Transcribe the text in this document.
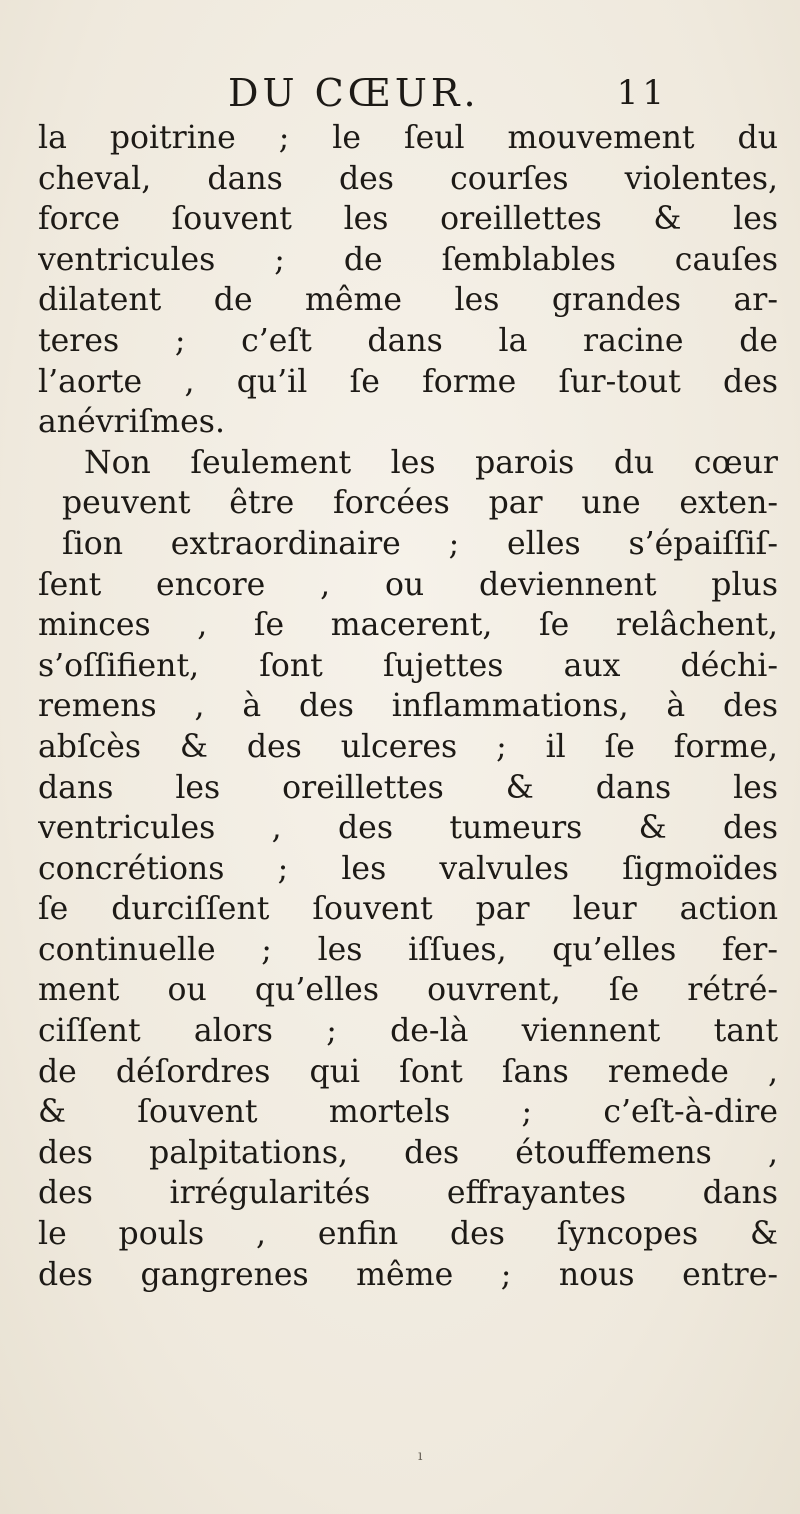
DU CŒUR.	11
la poitrine ; le ſeul mouvement du
cheval, dans des courſes violentes,
force ſouvent les oreillettes & les
ventricules ; de ſemblables cauſes
dilatent de même les grandes ar-
teres ; c’eſt dans la racine de
l’aorte , qu’il ſe forme ſur-tout des
anévriſmes.
Non ſeulement les parois du cœur
peuvent être forcées par une exten-
ſion extraordinaire ; elles s’épaiſſiſ-
ſent encore , ou deviennent plus
minces , ſe macerent, ſe relâchent,
s’oſſifient, ſont ſujettes aux déchi-
remens , à des inflammations, à des
abſcès & des ulceres ; il ſe forme,
dans les oreillettes & dans les
ventricules , des tumeurs & des
concrétions ; les valvules ſigmoïdes
ſe durciſſent ſouvent par leur action
continuelle ; les iſſues, qu’elles fer-
ment ou qu’elles ouvrent, ſe rétré-
ciſſent alors ; de-là viennent tant
de déſordres qui ſont ſans remede ,
& ſouvent mortels ; c’eſt-à-dire
des palpitations, des étouffemens ,
des irrégularités effrayantes dans
le pouls , enfin des ſyncopes &
des gangrenes même ; nous entre-
ı
